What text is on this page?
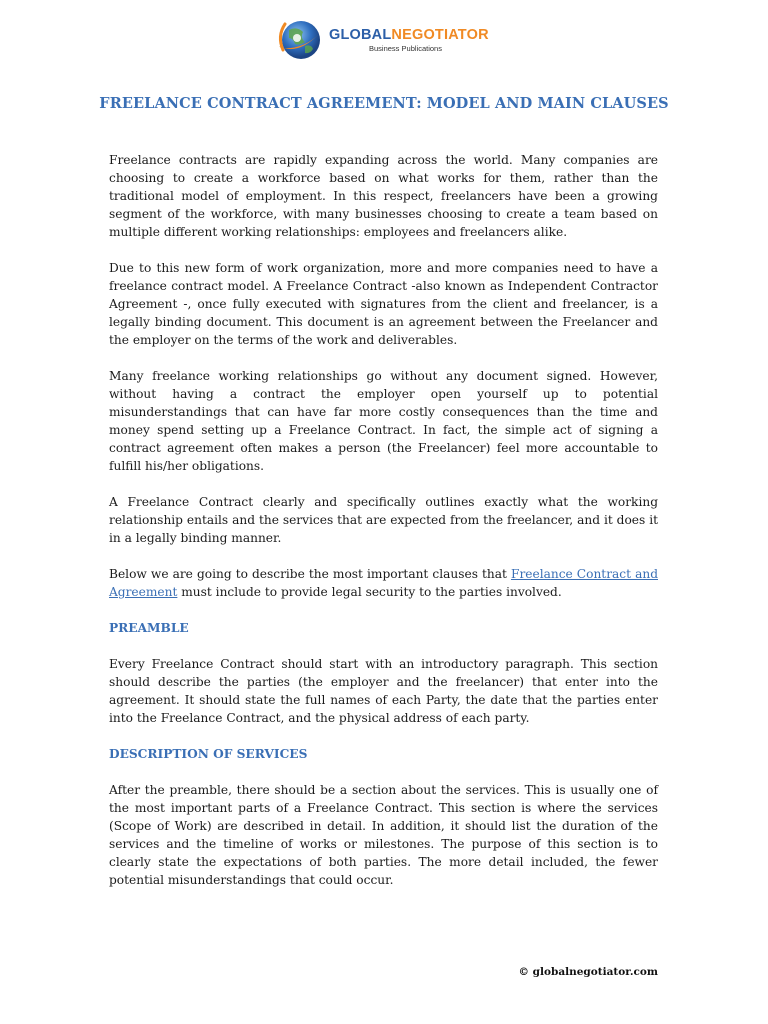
GLOBALNEGOTIATOR
Business Publications
FREELANCE CONTRACT AGREEMENT: MODEL AND MAIN CLAUSES

Freelance contracts are rapidly expanding across the world. Many companies are choosing to create a workforce based on what works for them, rather than the traditional model of employment. In this respect, freelancers have been a growing segment of the workforce, with many businesses choosing to create a team based on multiple different working relationships: employees and freelancers alike.

Due to this new form of work organization, more and more companies need to have a freelance contract model. A Freelance Contract -also known as Independent Contractor Agreement -, once fully executed with signatures from the client and freelancer, is a legally binding document. This document is an agreement between the Freelancer and the employer on the terms of the work and deliverables.

Many freelance working relationships go without any document signed. However, without having a contract the employer open yourself up to potential misunderstandings that can have far more costly consequences than the time and money spend setting up a Freelance Contract. In fact, the simple act of signing a contract agreement often makes a person (the Freelancer) feel more accountable to fulfill his/her obligations.

A Freelance Contract clearly and specifically outlines exactly what the working relationship entails and the services that are expected from the freelancer, and it does it in a legally binding manner.

Below we are going to describe the most important clauses that Freelance Contract and Agreement must include to provide legal security to the parties involved.

PREAMBLE

Every Freelance Contract should start with an introductory paragraph. This section should describe the parties (the employer and the freelancer) that enter into the agreement. It should state the full names of each Party, the date that the parties enter into the Freelance Contract, and the physical address of each party.

DESCRIPTION OF SERVICES

After the preamble, there should be a section about the services. This is usually one of the most important parts of a Freelance Contract. This section is where the services (Scope of Work) are described in detail. In addition, it should list the duration of the services and the timeline of works or milestones. The purpose of this section is to clearly state the expectations of both parties. The more detail included, the fewer potential misunderstandings that could occur.

© globalnegotiator.com
